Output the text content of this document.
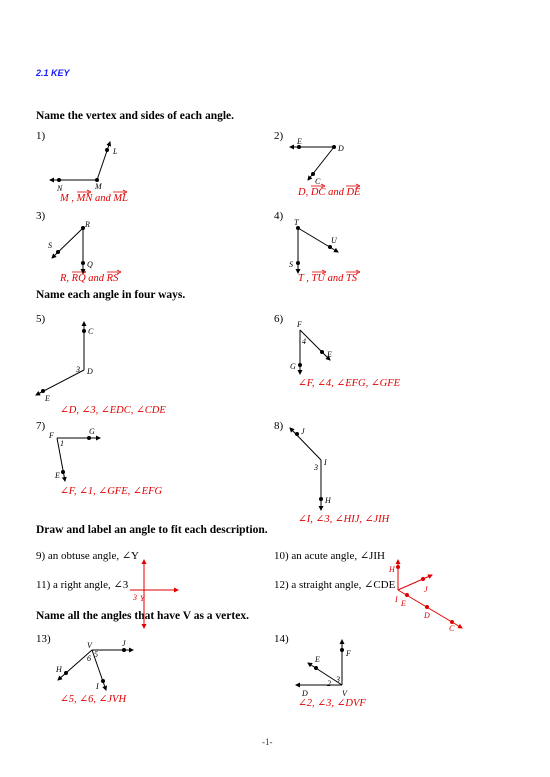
2.1 KEY
Name the vertex and sides of each angle.
Name each angle in four ways.
Draw and label an angle to fit each description.
Name all the angles that have V as a vertex.
1)	2)
3)	4)
5)	6)
7)	8)
M , MN
and ML
D, DC
and DE
R, RQ
and RS	T , TU
and TS
∠D, ∠3, ∠EDC, ∠CDE
∠F, ∠4, ∠EFG, ∠GFE
∠F, ∠1, ∠GFE, ∠EFG
∠I, ∠3, ∠HIJ, ∠JIH
∠5, ∠6, ∠JVH	∠2, ∠3, ∠DVF
9) an obtuse angle, ∠Y	10) an acute angle, ∠JIH
11) a right angle, ∠3	12) a straight angle, ∠CDE
13)	14)
L
N	M
E
D
C
R
S
Q
T
U
S
C
3 D
E
F
4
E
G
F	G
1
E
J
3
I
H
H
J
I
3 Y
E
D
C
V	J
5
6
H
I
E
F
2 3
D	V
-1-
